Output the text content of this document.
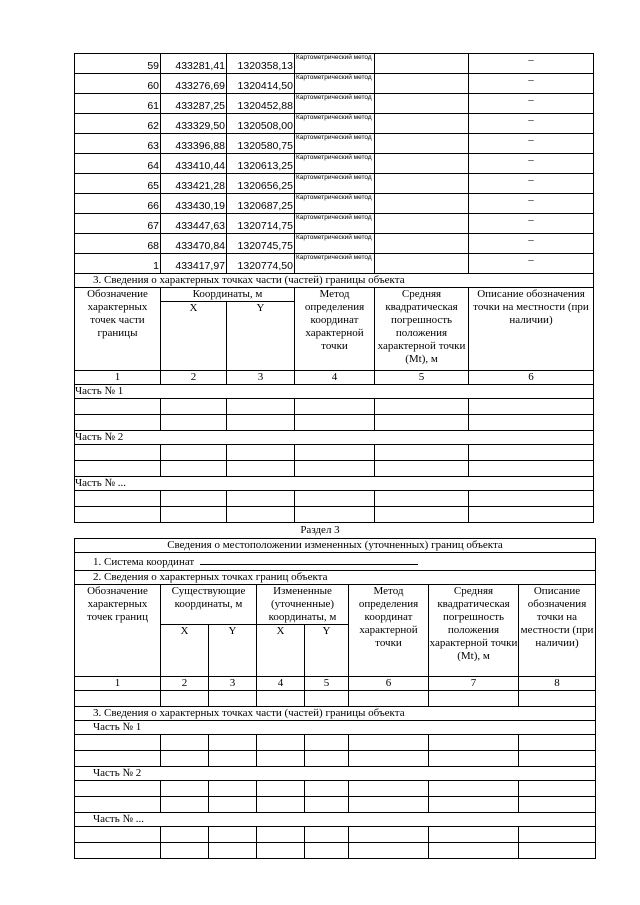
59	433281,41	1320358,13	Картометрический метод		–
60	433276,69	1320414,50	Картометрический метод		–
61	433287,25	1320452,88	Картометрический метод		–
62	433329,50	1320508,00	Картометрический метод		–
63	433396,88	1320580,75	Картометрический метод		–
64	433410,44	1320613,25	Картометрический метод		–
65	433421,28	1320656,25	Картометрический метод		–
66	433430,19	1320687,25	Картометрический метод		–
67	433447,63	1320714,75	Картометрический метод		–
68	433470,84	1320745,75	Картометрический метод		–
1	433417,97	1320774,50	Картометрический метод		–
3. Сведения о характерных точках части (частей) границы объекта					
Обозначение характерных точек части границы	Координаты, м		Метод определения координат характерной точки	Средняя квадратическая погрешность положения характерной точки (Mt), м	Описание обозначения точки на местности (при наличии)
	X	Y			
1	2	3	4	5	6
Часть № 1					

Часть № 2					

Часть № ...					

Раздел 3
Сведения о местоположении измененных (уточненных) границ объекта							
1. Система координат							
2. Сведения о характерных точках границ объекта							
Обозначение характерных точек границ	Существующие координаты, м		Измененные (уточненные) координаты, м		Метод определения координат характерной точки	Средняя квадратическая погрешность положения характерной точки (Mt), м	Описание обозначения точки на местности (при наличии)
	X	Y	X	Y			
1	2	3	4	5	6	7	8

3. Сведения о характерных точках части (частей) границы объекта							
Часть № 1							

Часть № 2							

Часть № ...							
